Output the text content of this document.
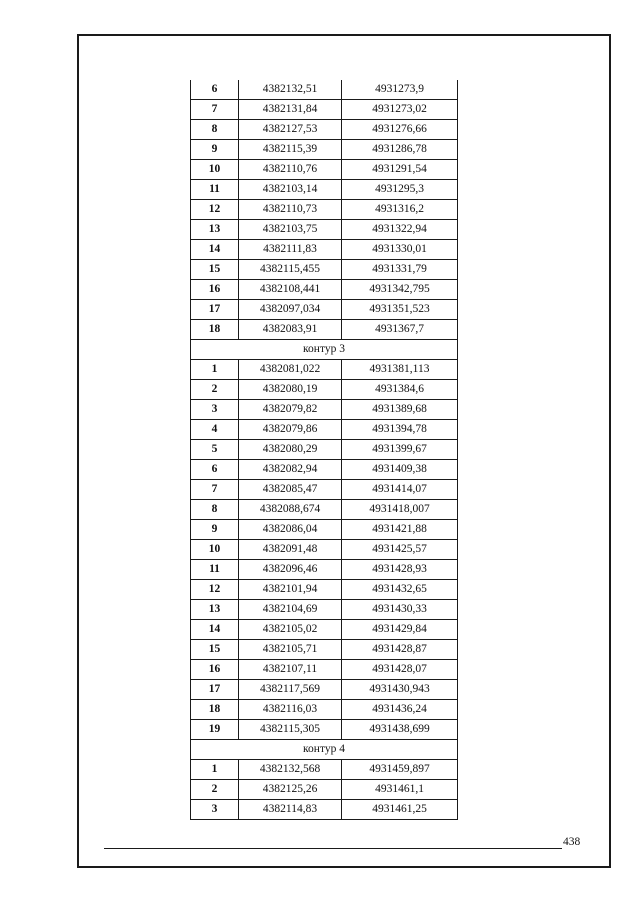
6	4382132,51	4931273,9
7	4382131,84	4931273,02
8	4382127,53	4931276,66
9	4382115,39	4931286,78
10	4382110,76	4931291,54
11	4382103,14	4931295,3
12	4382110,73	4931316,2
13	4382103,75	4931322,94
14	4382111,83	4931330,01
15	4382115,455	4931331,79
16	4382108,441	4931342,795
17	4382097,034	4931351,523
18	4382083,91	4931367,7
контур 3		
1	4382081,022	4931381,113
2	4382080,19	4931384,6
3	4382079,82	4931389,68
4	4382079,86	4931394,78
5	4382080,29	4931399,67
6	4382082,94	4931409,38
7	4382085,47	4931414,07
8	4382088,674	4931418,007
9	4382086,04	4931421,88
10	4382091,48	4931425,57
11	4382096,46	4931428,93
12	4382101,94	4931432,65
13	4382104,69	4931430,33
14	4382105,02	4931429,84
15	4382105,71	4931428,87
16	4382107,11	4931428,07
17	4382117,569	4931430,943
18	4382116,03	4931436,24
19	4382115,305	4931438,699
контур 4		
1	4382132,568	4931459,897
2	4382125,26	4931461,1
3	4382114,83	4931461,25
438
